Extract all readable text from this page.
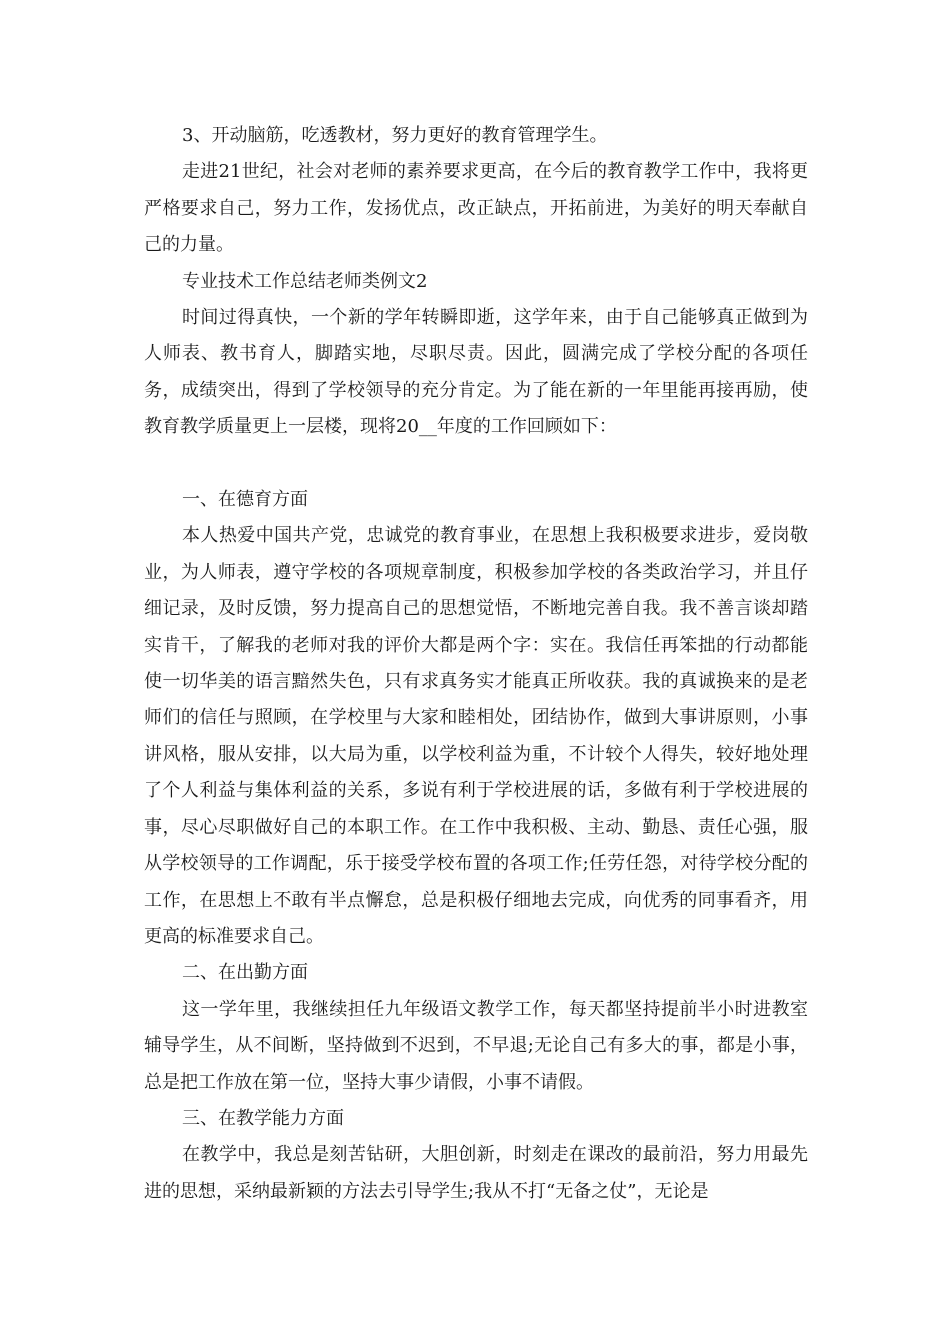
3、开动脑筋，吃透教材，努力更好的教育管理学生。

走进21世纪，社会对老师的素养要求更高，在今后的教育教学工作中，我将更严格要求自己，努力工作，发扬优点，改正缺点，开拓前进，为美好的明天奉献自己的力量。

专业技术工作总结老师类例文2

时间过得真快，一个新的学年转瞬即逝，这学年来，由于自己能够真正做到为人师表、教书育人，脚踏实地，尽职尽责。因此，圆满完成了学校分配的各项任务，成绩突出，得到了学校领导的充分肯定。为了能在新的一年里能再接再励，使教育教学质量更上一层楼，现将20__年度的工作回顾如下：

一、在德育方面

本人热爱中国共产党，忠诚党的教育事业，在思想上我积极要求进步，爱岗敬业，为人师表，遵守学校的各项规章制度，积极参加学校的各类政治学习，并且仔细记录，及时反馈，努力提高自己的思想觉悟，不断地完善自我。我不善言谈却踏实肯干，了解我的老师对我的评价大都是两个字：实在。我信任再笨拙的行动都能使一切华美的语言黯然失色，只有求真务实才能真正所收获。我的真诚换来的是老师们的信任与照顾，在学校里与大家和睦相处，团结协作，做到大事讲原则，小事讲风格，服从安排，以大局为重，以学校利益为重，不计较个人得失，较好地处理了个人利益与集体利益的关系，多说有利于学校进展的话，多做有利于学校进展的事，尽心尽职做好自己的本职工作。在工作中我积极、主动、勤恳、责任心强，服从学校领导的工作调配，乐于接受学校布置的各项工作;任劳任怨，对待学校分配的工作，在思想上不敢有半点懈怠，总是积极仔细地去完成，向优秀的同事看齐，用更高的标准要求自己。

二、在出勤方面

这一学年里，我继续担任九年级语文教学工作，每天都坚持提前半小时进教室辅导学生，从不间断，坚持做到不迟到，不早退;无论自己有多大的事，都是小事，总是把工作放在第一位，坚持大事少请假，小事不请假。

三、在教学能力方面

在教学中，我总是刻苦钻研，大胆创新，时刻走在课改的最前沿，努力用最先进的思想，采纳最新颖的方法去引导学生;我从不打“无备之仗”，无论是
